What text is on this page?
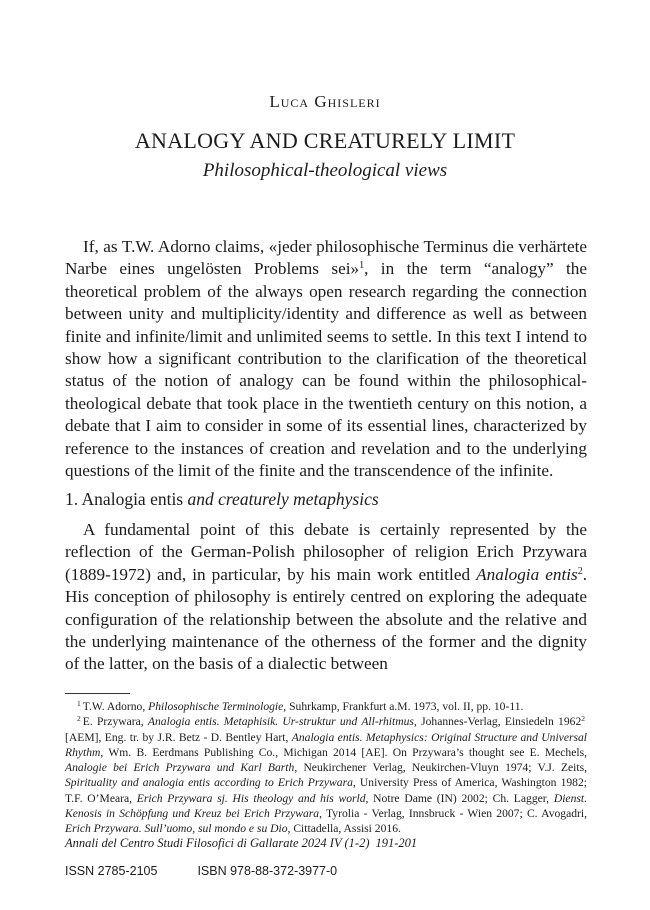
Luca Ghisleri
ANALOGY AND CREATURELY LIMIT
Philosophical-theological views

If, as T.W. Adorno claims, «jeder philosophische Terminus die verhärtete Narbe eines ungelösten Problems sei»$^1$, in the term “analogy” the theoretical problem of the always open research regarding the connection between unity and multiplicity/identity and difference as well as between finite and infinite/limit and unlimited seems to settle. In this text I intend to show how a significant contribution to the clarification of the theoretical status of the notion of analogy can be found within the philosophical-theological debate that took place in the twentieth century on this notion, a debate that I aim to consider in some of its essential lines, characterized by reference to the instances of creation and revelation and to the underlying questions of the limit of the finite and the transcendence of the infinite.

1. Analogia entis and creaturely metaphysics

A fundamental point of this debate is certainly represented by the reflection of the German-Polish philosopher of religion Erich Przywara (1889-1972) and, in particular, by his main work entitled Analogia entis$^2$. His conception of philosophy is entirely centred on exploring the adequate configuration of the relationship between the absolute and the relative and the underlying maintenance of the otherness of the former and the dignity of the latter, on the basis of a dialectic between

$^1$ T.W. Adorno, Philosophische Terminologie, Suhrkamp, Frankfurt a.M. 1973, vol. II, pp. 10-11.

$^2$ E. Przywara, Analogia entis. Metaphisik. Ur-struktur und All-rhitmus, Johannes-Verlag, Einsiedeln 1962$^2$ [AEM], Eng. tr. by J.R. Betz - D. Bentley Hart, Analogia entis. Metaphysics: Original Structure and Universal Rhythm, Wm. B. Eerdmans Publishing Co., Michigan 2014 [AE]. On Przywara’s thought see E. Mechels, Analogie bei Erich Przywara und Karl Barth, Neukirchener Verlag, Neukirchen-Vluyn 1974; V.J. Zeits, Spirituality and analogia entis according to Erich Przywara, University Press of America, Washington 1982; T.F. O’Meara, Erich Przywara sj. His theology and his world, Notre Dame (IN) 2002; Ch. Lagger, Dienst. Kenosis in Schöpfung und Kreuz bei Erich Przywara, Tyrolia - Verlag, Innsbruck - Wien 2007; C. Avogadri, Erich Przywara. Sull’uomo, sul mondo e su Dio, Cittadella, Assisi 2016.

Annali del Centro Studi Filosofici di Gallarate 2024 IV (1-2) 191-201
ISSN 2785-2105	ISBN 978-88-372-3977-0
